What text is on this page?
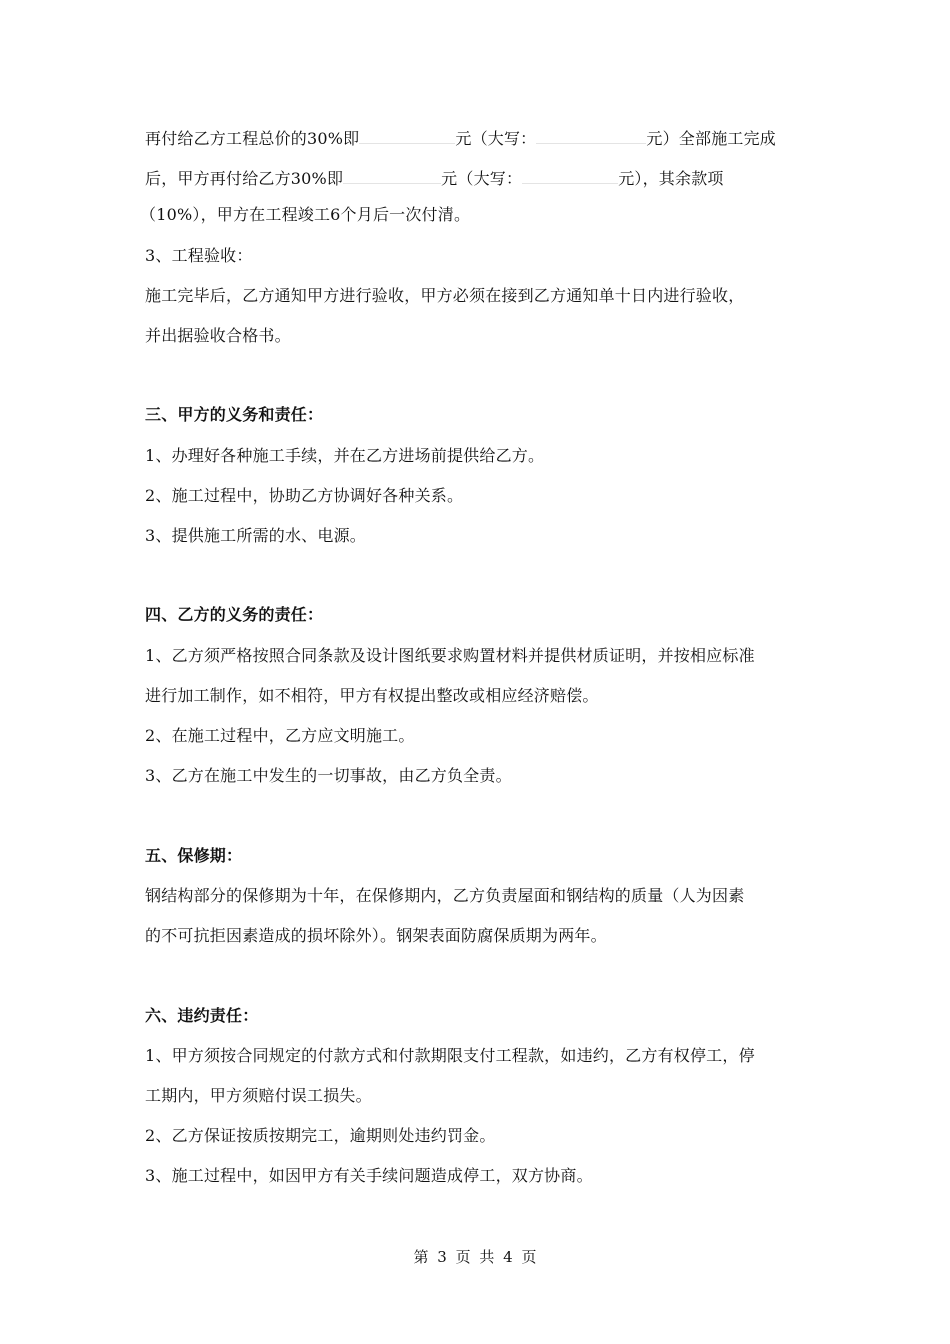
再付给乙方工程总价的30%即	元（大写：	元）全部施工完成
后，甲方再付给乙方30%即	元（大写：	元），其余款项
（10%），甲方在工程竣工6个月后一次付清。
3、工程验收：
施工完毕后，乙方通知甲方进行验收，甲方必须在接到乙方通知单十日内进行验收，
并出据验收合格书。
三、甲方的义务和责任：
1、办理好各种施工手续，并在乙方进场前提供给乙方。
2、施工过程中，协助乙方协调好各种关系。
3、提供施工所需的水、电源。
四、乙方的义务的责任：
1、乙方须严格按照合同条款及设计图纸要求购置材料并提供材质证明，并按相应标准
进行加工制作，如不相符，甲方有权提出整改或相应经济赔偿。
2、在施工过程中，乙方应文明施工。
3、乙方在施工中发生的一切事故，由乙方负全责。
五、保修期：
钢结构部分的保修期为十年，在保修期内，乙方负责屋面和钢结构的质量（人为因素
的不可抗拒因素造成的损坏除外）。钢架表面防腐保质期为两年。
六、违约责任：
1、甲方须按合同规定的付款方式和付款期限支付工程款，如违约，乙方有权停工，停
工期内，甲方须赔付误工损失。
2、乙方保证按质按期完工，逾期则处违约罚金。
3、施工过程中，如因甲方有关手续问题造成停工，双方协商。
第 3 页 共 4 页
